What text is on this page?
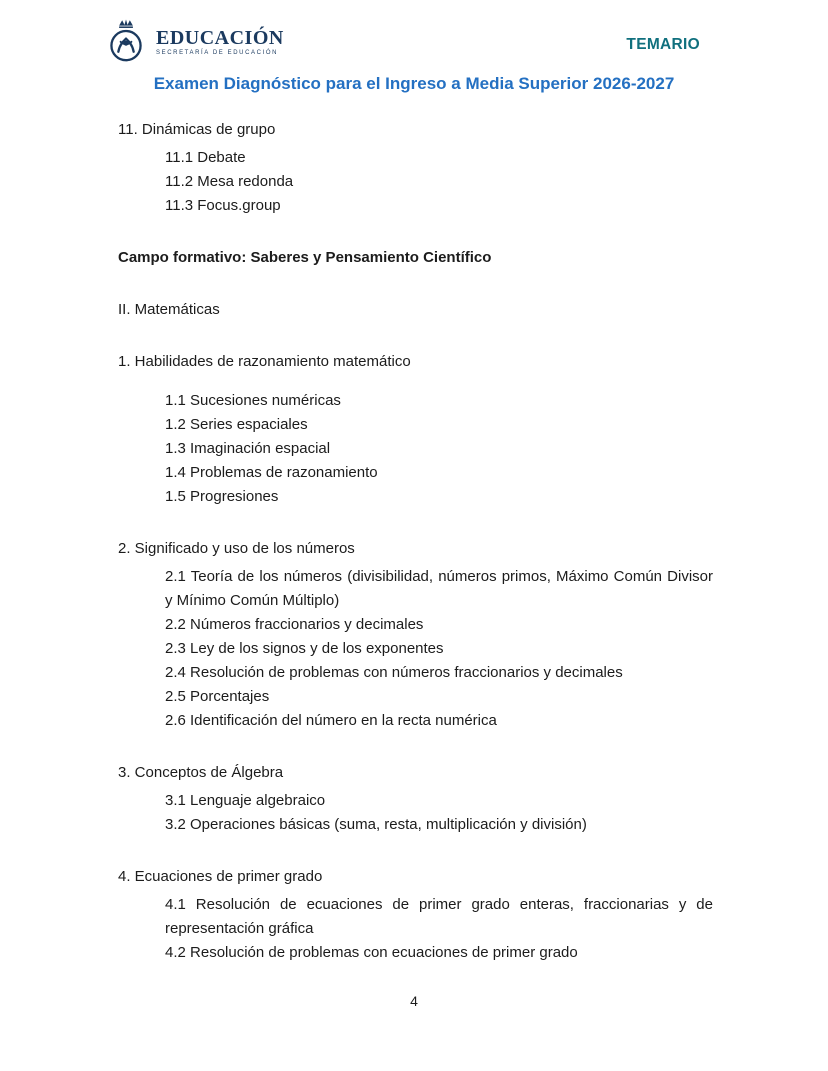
EDUCACIÓN
SECRETARÍA DE EDUCACIÓN	TEMARIO
Examen Diagnóstico para el Ingreso a Media Superior 2026-2027

11. Dinámicas de grupo

11.1 Debate

11.2 Mesa redonda

11.3 Focus.group

Campo formativo: Saberes y Pensamiento Científico

II. Matemáticas

1. Habilidades de razonamiento matemático

1.1 Sucesiones numéricas

1.2 Series espaciales

1.3 Imaginación espacial

1.4 Problemas de razonamiento

1.5 Progresiones

2. Significado y uso de los números

2.1 Teoría de los números (divisibilidad, números primos, Máximo Común Divisor y Mínimo Común Múltiplo)

2.2 Números fraccionarios y decimales

2.3 Ley de los signos y de los exponentes

2.4 Resolución de problemas con números fraccionarios y decimales

2.5 Porcentajes

2.6 Identificación del número en la recta numérica

3. Conceptos de Álgebra

3.1 Lenguaje algebraico

3.2 Operaciones básicas (suma, resta, multiplicación y división)

4. Ecuaciones de primer grado

4.1 Resolución de ecuaciones de primer grado enteras, fraccionarias y de representación gráfica

4.2 Resolución de problemas con ecuaciones de primer grado

4
